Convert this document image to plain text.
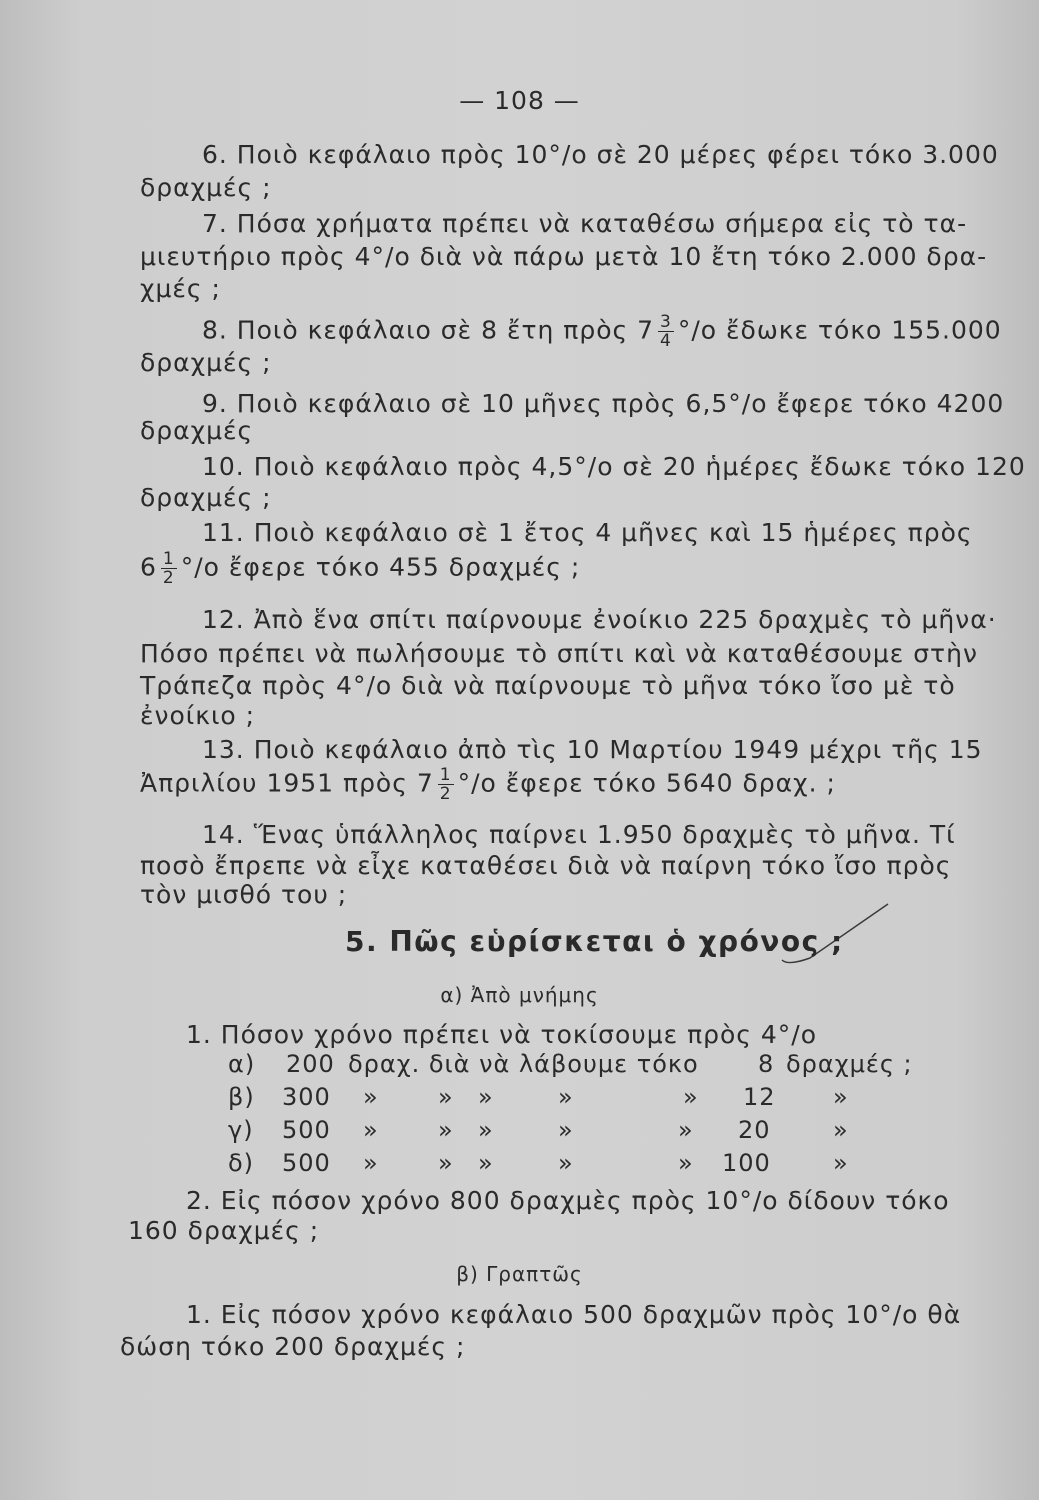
— 108 —
6. Ποιὸ κεφάλαιο πρὸς 10°/ο σὲ 20 μέρες φέρει τόκο 3.000
δραχμές ;
7. Πόσα χρήματα πρέπει νὰ καταθέσω σήμερα εἰς τὸ τα-
μιευτήριο πρὸς 4°/ο διὰ νὰ πάρω μετὰ 10 ἔτη τόκο 2.000 δρα-
χμές ;
8. Ποιὸ κεφάλαιο σὲ 8 ἔτη πρὸς $7 \frac{3}{4} ^\circ/o$ ἔδωκε τόκο 155.000
δραχμές ;
9. Ποιὸ κεφάλαιο σὲ 10 μῆνες πρὸς 6,5°/ο ἔφερε τόκο 4200
δραχμές
10. Ποιὸ κεφάλαιο πρὸς 4,5°/ο σὲ 20 ἡμέρες ἔδωκε τόκο 120
δραχμές ;
11. Ποιὸ κεφάλαιο σὲ 1 ἔτος 4 μῆνες καὶ 15 ἡμέρες πρὸς
$6 \frac{1}{2} ^\circ/o$ ἔφερε τόκο 455 δραχμές ;
12. Ἀπὸ ἕνα σπίτι παίρνουμε ἐνοίκιο 225 δραχμὲς τὸ μῆνα·
Πόσο πρέπει νὰ πωλήσουμε τὸ σπίτι καὶ νὰ καταθέσουμε στὴν
Τράπεζα πρὸς 4°/ο διὰ νὰ παίρνουμε τὸ μῆνα τόκο ἴσο μὲ τὸ
ἐνοίκιο ;
13. Ποιὸ κεφάλαιο ἀπὸ τὶς 10 Μαρτίου 1949 μέχρι τῆς 15
Ἀπριλίου 1951 πρὸς $7 \frac{1}{2} ^\circ/o$ ἔφερε τόκο 5640 δραχ. ;
14. Ἕνας ὑπάλληλος παίρνει 1.950 δραχμὲς τὸ μῆνα. Τί
ποσὸ ἔπρεπε νὰ εἶχε καταθέσει διὰ νὰ παίρνη τόκο ἴσο πρὸς
τὸν μισθό του ;
5. Πῶς εὑρίσκεται ὁ χρόνος ;
α) Ἀπὸ μνήμης
1. Πόσον χρόνο πρέπει νὰ τοκίσουμε πρὸς 4°/ο
α) 200 δραχ. διὰ νὰ λάβουμε τόκο 8 δραχμές ;
β) 300 » » »	»	» 12 »
γ) 500 » » »	»	» 20	»
δ) 500 » » »	»	» 100	»
2. Εἰς πόσον χρόνο 800 δραχμὲς πρὸς 10°/ο δίδουν τόκο
160 δραχμές ;
β) Γραπτῶς
1. Εἰς πόσον χρόνο κεφάλαιο 500 δραχμῶν πρὸς 10°/ο θὰ
δώση τόκο 200 δραχμές ;
